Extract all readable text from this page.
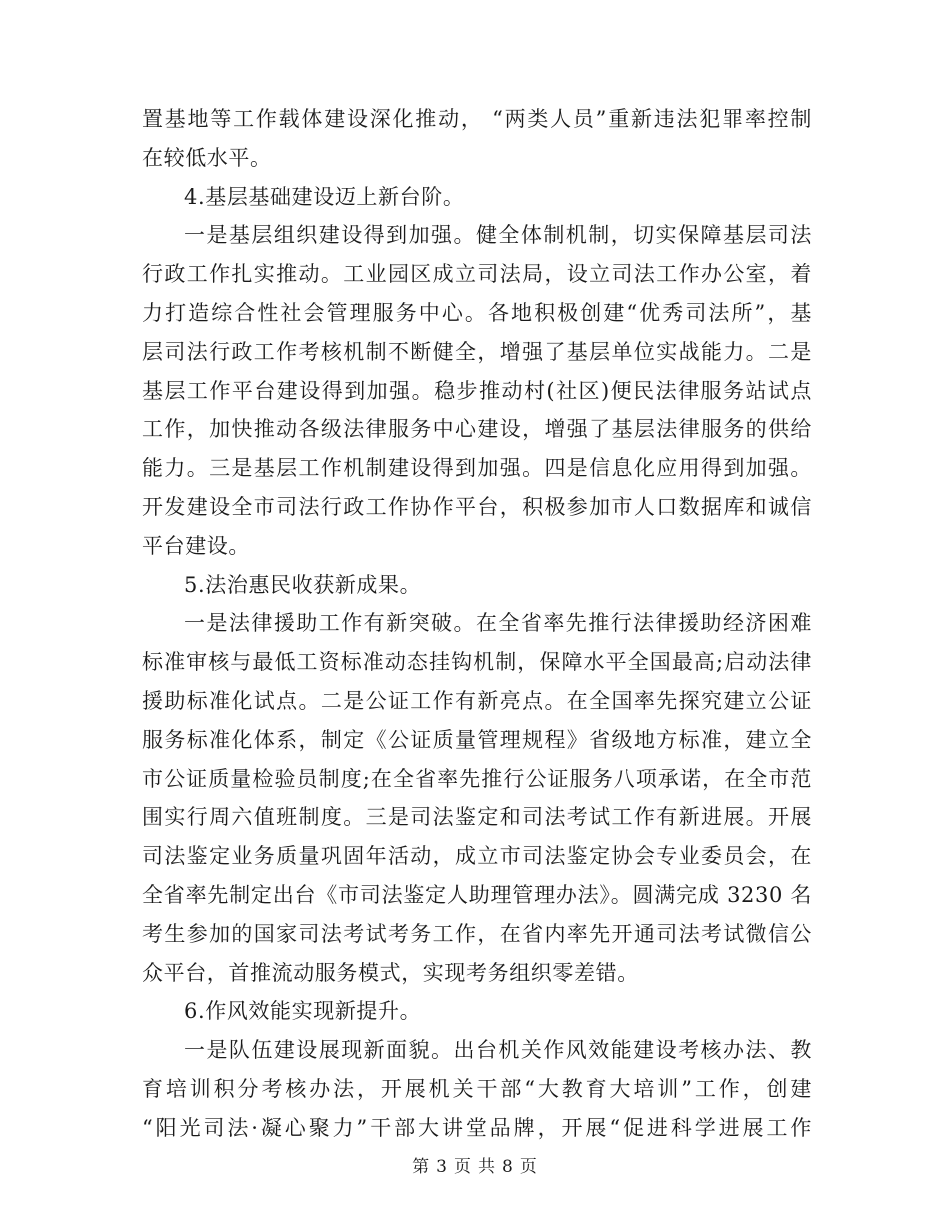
置基地等工作载体建设深化推动， “两类人员”重新违法犯罪率控制
在较低水平。
4.基层基础建设迈上新台阶。
一是基层组织建设得到加强。健全体制机制，切实保障基层司法
行政工作扎实推动。工业园区成立司法局，设立司法工作办公室，着
力打造综合性社会管理服务中心。各地积极创建“优秀司法所”，基
层司法行政工作考核机制不断健全，增强了基层单位实战能力。二是
基层工作平台建设得到加强。稳步推动村(社区)便民法律服务站试点
工作，加快推动各级法律服务中心建设，增强了基层法律服务的供给
能力。三是基层工作机制建设得到加强。四是信息化应用得到加强。
开发建设全市司法行政工作协作平台，积极参加市人口数据库和诚信
平台建设。
5.法治惠民收获新成果。
一是法律援助工作有新突破。在全省率先推行法律援助经济困难
标准审核与最低工资标准动态挂钩机制，保障水平全国最高;启动法律
援助标准化试点。二是公证工作有新亮点。在全国率先探究建立公证
服务标准化体系，制定《公证质量管理规程》省级地方标准，建立全
市公证质量检验员制度;在全省率先推行公证服务八项承诺，在全市范
围实行周六值班制度。三是司法鉴定和司法考试工作有新进展。开展
司法鉴定业务质量巩固年活动，成立市司法鉴定协会专业委员会，在
全省率先制定出台《市司法鉴定人助理管理办法》。圆满完成 3230 名
考生参加的国家司法考试考务工作，在省内率先开通司法考试微信公
众平台，首推流动服务模式，实现考务组织零差错。
6.作风效能实现新提升。
一是队伍建设展现新面貌。出台机关作风效能建设考核办法、教
育培训积分考核办法，开展机关干部“大教育大培训”工作，创建
“阳光司法·凝心聚力”干部大讲堂品牌，开展“促进科学进展工作
第 3 页 共 8 页
